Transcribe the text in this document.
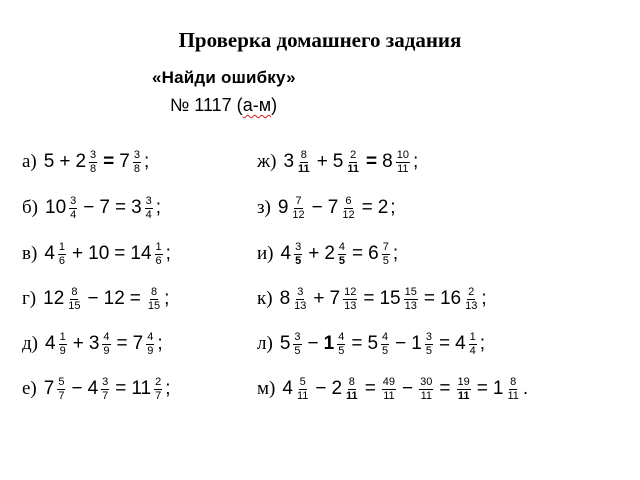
Проверка домашнего задания
«Найди ошибку»
№ 1117 (а-м)
а) $5 + 2 \frac{3}{8} = 7 \frac{3}{8}$ ;
б) $10 \frac{3}{4} - 7 = 3 \frac{3}{4}$ ;
в) $4 \frac{1}{6} + 10 = 14 \frac{1}{6}$ ;
г) $12 \frac{8}{15} - 12 = \frac{8}{15}$ ;
д) $4 \frac{1}{9} + 3 \frac{4}{9} = 7 \frac{4}{9}$ ;
е) $7 \frac{5}{7} - 4 \frac{3}{7} = 11 \frac{2}{7}$ ;
ж) $3 \frac{8}{11} + 5 \frac{2}{11} = 8 \frac{10}{11}$ ;
з) $9 \frac{7}{12} - 7 \frac{6}{12} = 2$ ;
и) $4 \frac{3}{5} + 2 \frac{4}{5} = 6 \frac{7}{5}$ ;
к) $8 \frac{3}{13} + 7 \frac{12}{13} = 15 \frac{15}{13} = 16 \frac{2}{13}$ ;
л) $5 \frac{3}{5} - 1 \frac{4}{5} = 5 \frac{4}{5} - 1 \frac{3}{5} = 4 \frac{1}{4}$ ;
м) $4 \frac{5}{11} - 2 \frac{8}{11} = \frac{49}{11} - \frac{30}{11} = \frac{19}{11} = 1 \frac{8}{11}$ .
